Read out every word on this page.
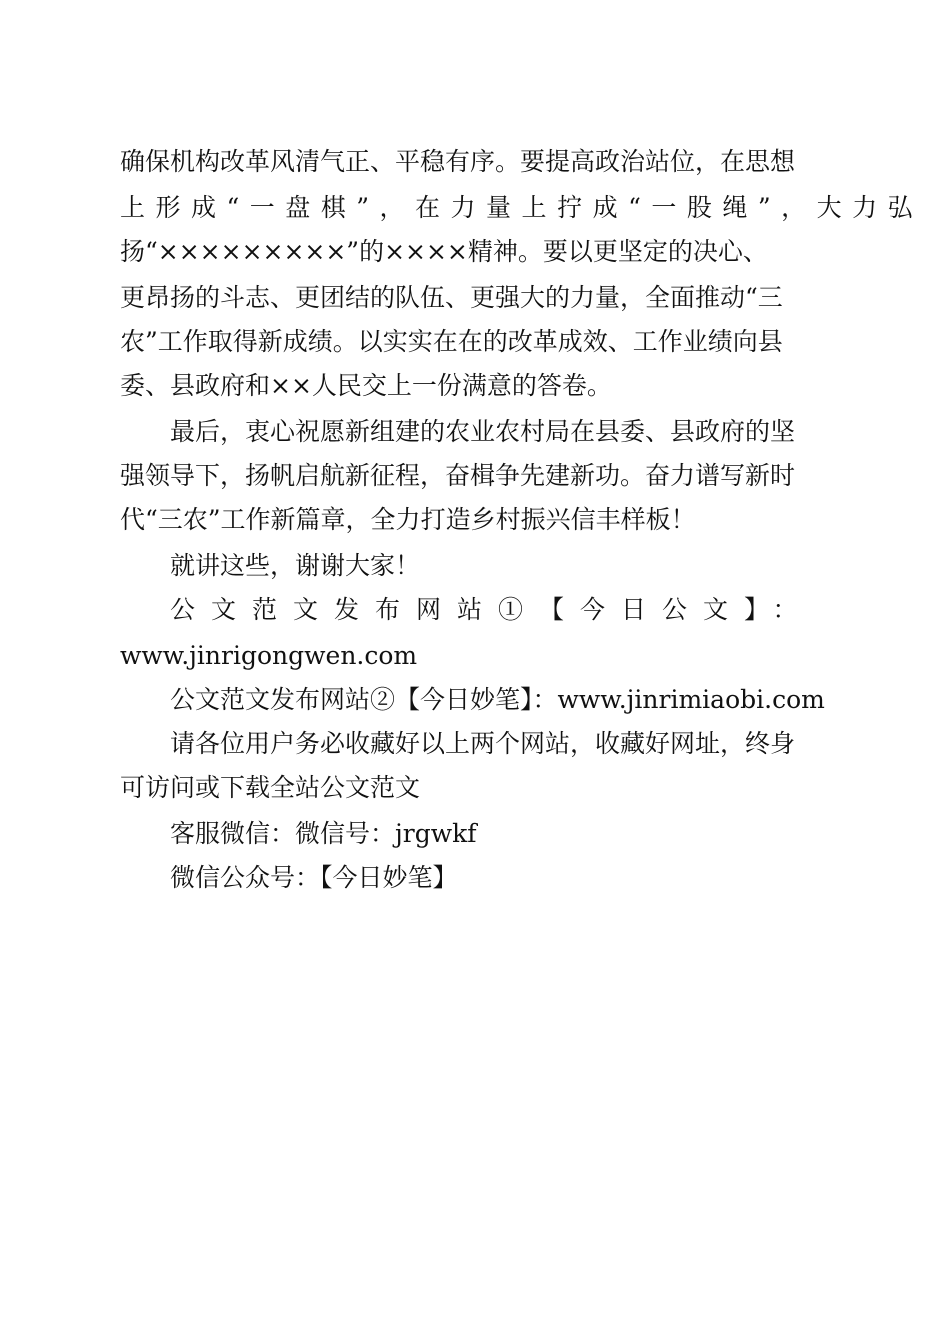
确保机构改革风清气正、平稳有序。要提高政治站位，在思想
上形成“一盘棋”，在力量上拧成“一股绳”，大力弘
扬“×××××××××”的××××精神。要以更坚定的决心、
更昂扬的斗志、更团结的队伍、更强大的力量，全面推动“三
农”工作取得新成绩。以实实在在的改革成效、工作业绩向县
委、县政府和××人民交上一份满意的答卷。
最后，衷心祝愿新组建的农业农村局在县委、县政府的坚
强领导下，扬帆启航新征程，奋楫争先建新功。奋力谱写新时
代“三农”工作新篇章，全力打造乡村振兴信丰样板！
就讲这些，谢谢大家！
公文范文发布网站①【今日公文】：
www.jinrigongwen.com
公文范文发布网站②【今日妙笔】：www.jinrimiaobi.com
请各位用户务必收藏好以上两个网站，收藏好网址，终身
可访问或下载全站公文范文
客服微信：微信号：jrgwkf
微信公众号：【今日妙笔】
